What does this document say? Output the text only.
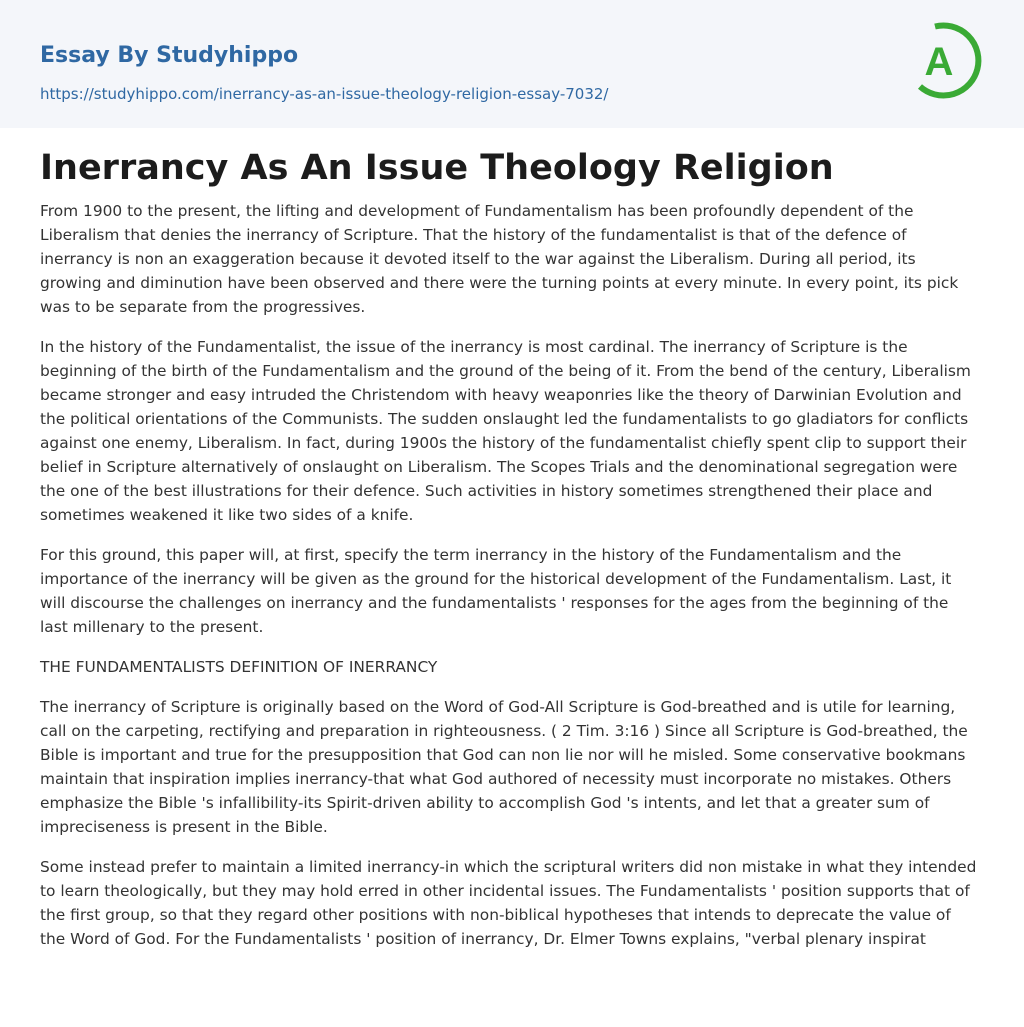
Essay By Studyhippo
https://studyhippo.com/inerrancy-as-an-issue-theology-religion-essay-7032/
A
Inerrancy As An Issue Theology Religion

From 1900 to the present, the lifting and development of Fundamentalism has been profoundly dependent of the Liberalism that denies the inerrancy of Scripture. That the history of the fundamentalist is that of the defence of inerrancy is non an exaggeration because it devoted itself to the war against the Liberalism. During all period, its growing and diminution have been observed and there were the turning points at every minute. In every point, its pick was to be separate from the progressives.

In the history of the Fundamentalist, the issue of the inerrancy is most cardinal. The inerrancy of Scripture is the beginning of the birth of the Fundamentalism and the ground of the being of it. From the bend of the century, Liberalism became stronger and easy intruded the Christendom with heavy weaponries like the theory of Darwinian Evolution and the political orientations of the Communists. The sudden onslaught led the fundamentalists to go gladiators for conflicts against one enemy, Liberalism. In fact, during 1900s the history of the fundamentalist chiefly spent clip to support their belief in Scripture alternatively of onslaught on Liberalism. The Scopes Trials and the denominational segregation were the one of the best illustrations for their defence. Such activities in history sometimes strengthened their place and sometimes weakened it like two sides of a knife.

For this ground, this paper will, at first, specify the term inerrancy in the history of the Fundamentalism and the importance of the inerrancy will be given as the ground for the historical development of the Fundamentalism. Last, it will discourse the challenges on inerrancy and the fundamentalists ' responses for the ages from the beginning of the last millenary to the present.

THE FUNDAMENTALISTS DEFINITION OF INERRANCY

The inerrancy of Scripture is originally based on the Word of God-All Scripture is God-breathed and is utile for learning, call on the carpeting, rectifying and preparation in righteousness. ( 2 Tim. 3:16 ) Since all Scripture is God-breathed, the Bible is important and true for the presupposition that God can non lie nor will he misled. Some conservative bookmans maintain that inspiration implies inerrancy-that what God authored of necessity must incorporate no mistakes. Others emphasize the Bible 's infallibility-its Spirit-driven ability to accomplish God 's intents, and let that a greater sum of impreciseness is present in the Bible.

Some instead prefer to maintain a limited inerrancy-in which the scriptural writers did non mistake in what they intended to learn theologically, but they may hold erred in other incidental issues. The Fundamentalists ' position supports that of the first group, so that they regard other positions with non-biblical hypotheses that intends to deprecate the value of the Word of God. For the Fundamentalists ' position of inerrancy, Dr. Elmer Towns explains, "verbal plenary inspirat
